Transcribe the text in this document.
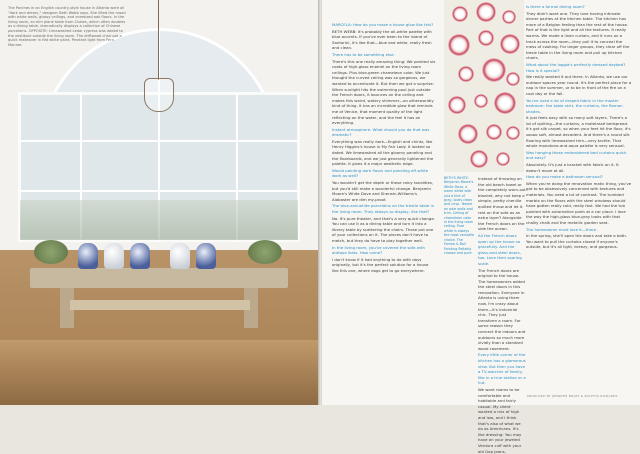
The Porches in an English country-style house in Atlanta were all "dark and dreary," designer Beth Webb says. She lifted the mood with white walls, glossy ceilings, and onresized oak floors. In the living room, an elm plank table from Clubes, which often doubles as a dining table, dramatically displays a collection of Chinese porcelains. OPPOSITE: Limewashed cedar cypress was added to the vestibule outside the living room. The driftwood chair got a quick makeover in flat white paint. Pendant light from Fern Monroe.

MARCELA: How do you make a house glow like this?

BETH WEBB: It's probably the all-white palette with blue accents. If you've ever been to the island of Santorini, it's like that—blue and white, really fresh and clean.

There has to be something else.

There's this one really amazing thing: We painted six coats of high-gloss enamel on the living room ceilings. Plus blue-green chameleon color. We just thought the curved ceiling was so gorgeous, we wanted to accentuate it. But then we got a surprise: When sunlight hits the swimming pool just outside the French doors, it bounces on the ceiling and makes this weird, watery shimmer—an otherworldly kind of thing. It has an incredible glow that reminds me of Venice, that moment quality of the light reflecting on the water, and the feel it has on everything.

Instant atmosphere. What should you do that was dramatic?

Everything was really dark—English and chintz, like Henry Higgins's house in My Fair Lady. It looked so dated. We limewashed all the gloomy paneling and the floorboards, and we just generally lightened the palette. It gives it a major aesthetic edge.

Would painting dark floors and paneling off-white work as well?

You wouldn't get the depth or these rainy tonalities, but you'd still make a wonderful change. Benjamin Moore's White Dove and Sherwin-Williams's Alabaster are dim my-proof.

The blue-and-white porcelains on the trestle table in the living room. They always so display, like that?

No. It's pure theater, and that's a very quick change. You can use it as a dining table and turn it into a library table by scattering the chairs. These put one of your collections on it. The pieces don't have to match, but they do have to play together well.

In the living room, you've covered the sofa with antique ikats. How come?

I don't know if it had anything to do with days originally, but it's the perfect solution for a house like this one, where dogs get to go everywhere.

BETH'S WHITE: Benjamin Moore's White Dove, a warm white with just a hint of gray, looks clean and crisp. Tested on pale walls and trim. Ceiling of chameleon color in the living room ceiling. Pure white is always the most versatile choice. The Farrow & Ball Pointing Reliably choose and pure.

Instead of throwing on the old beach towel or the completely worn-out blanket, why not keep a simple, pretty chenille quilted throw and let it rest on the sofa as an extra layer? Alongside the French doors on the side the ocean.

All the French doors open up the house so gracefully. And the glass-and-steel doors, too. Love their soaring scale.

The French doors are original to the house. The homeowners added the steel doors in this renovation. Everyone in Atlanta is using them now. I'm crazy about them—it's industrial chic. They just transform a room. For some reason they connect the indoors and outdoors so much more vividly than a standard wood casement.

Every little corner of the kitchen has a glamorous view. But then you have a TV-watcher of family, like in a true station or a hut.

We want rooms to be comfortable and habitable and fairly casual. My client wanted a mix of high and low, and I think that's also of what we do as Americans. It's like dressing: You may have on your jeweled Verdura cuff with your old Gap jeans.

Is there a formal dining room?

They didn't want one. They love having intimate dinner parties at the kitchen table. The kitchen has more of a Belgian feeling than the rest of the house. Part of that is the light and all the textures. It really warms. We made a linen curtain, and it runs on a track across the room—they pull it to conceal the mess of cooking. For larger groups, they clear off the tresle table in the living room and pull up kitchen chairs.

What about the loggia's perfectly dressed daybed? How is it special?

We really wanted it out there. In Atlanta, we use our outdoor spaces year round. It's the perfect place for a nap in the summer, or to be in front of the fire on a cool day or the fall.

You've used a lot of draped fabric in the master bedroom: the table skirt, the curtains, the Roman shades.

It just feels easy with so many soft layers. There's a lot of quilting—the curtains, a matelassé bedspread. It's got silk carpet, so when your feet hit the floor, it's soooo soft, almost decadent. And there's a round silk flooring with limewashed trim—very tactile. That whole monotone-and-aqua palette is very sensual.

Was hanging those embroidered bed curtains quick and easy?

Absolutely. It's just a bracket with fabric on it. It doesn't move at all.

How do you make a bathroom sensual?

When you're doing the renovation matic thing, you've got to be obsessively concerned with textures and materials. You need a lot of contrast. The tumbled marble on the floors with the steel windows should have gotten really cold, really fast. We had the tub painted with automotive paint at a car place. I love the way the high-gloss blue-gray looks with that chalky chalk and the metallic garden seat.

The homeowner must love it—there.

In the spring, she'll open the doors and take a bath. You want to pull the curtains closed if anyone's outside, but it's all light, breezy, and gorgeous.

PRODUCED BY JENNIFER BOLES & ZOLETTA RICHARDS
